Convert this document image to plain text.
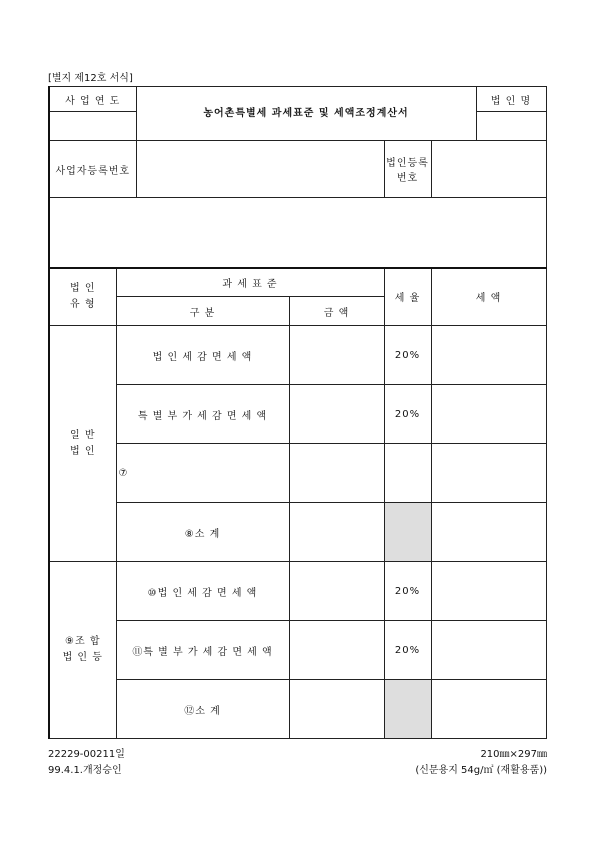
[별지 제12호 서식]
사 업 연 도		농어촌특별세 과세표준 및 세액조정계산서				법 인 명

사업자등록번호				법인등록번호		

법 인
유 형	과 세 표 준			세 율	세 액	
	구 분		금 액			
일 반
법 인	법 인 세 감 면 세 액			20%		
	특 별 부 가 세 감 면 세 액			20%		
	⑦					
	⑧소 계					
⑨조 합
법 인 등	⑩법 인 세 감 면 세 액			20%		
	⑪특 별 부 가 세 감 면 세 액			20%		
	⑫소 계					
22229-00211일
99.4.1.개정승인
210㎜×297㎜
(신문용지 54g/㎡ (재활용품))
